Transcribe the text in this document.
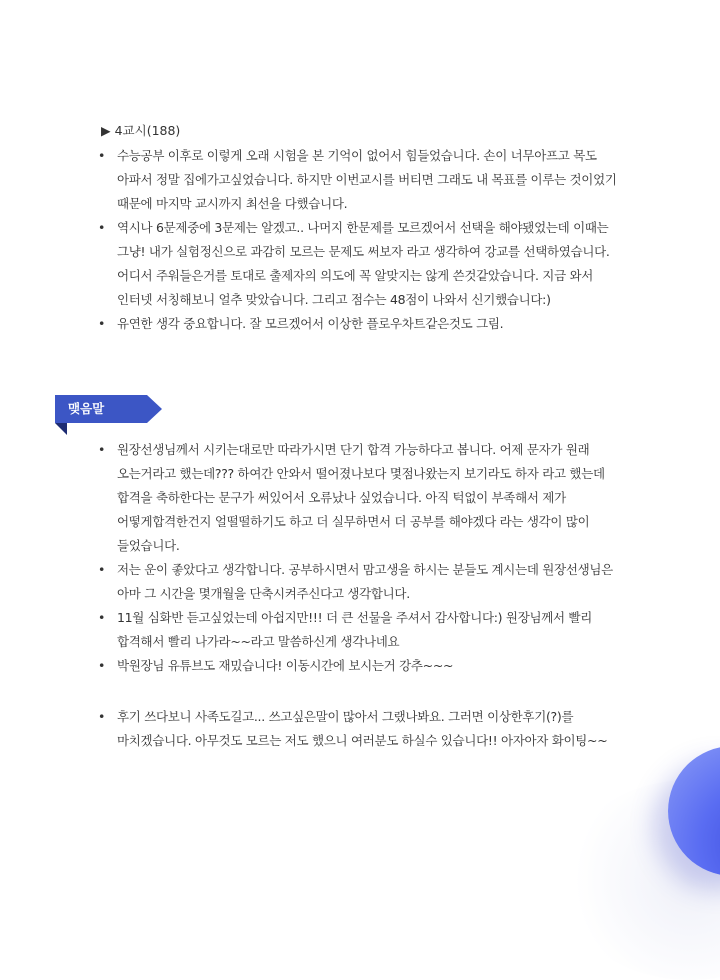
▶ 4교시(188)
• 수능공부 이후로 이렇게 오래 시험을 본 기억이 없어서 힘들었습니다. 손이 너무아프고 목도
아파서 정말 집에가고싶었습니다. 하지만 이번교시를 버티면 그래도 내 목표를 이루는 것이었기
때문에 마지막 교시까지 최선을 다했습니다.
• 역시나 6문제중에 3문제는 알겠고.. 나머지 한문제를 모르겠어서 선택을 해야됐었는데 이때는
그냥! 내가 실험정신으로 과감히 모르는 문제도 써보자 라고 생각하여 강교를 선택하였습니다.
어디서 주워들은거를 토대로 출제자의 의도에 꼭 알맞지는 않게 쓴것같았습니다. 지금 와서
인터넷 서칭해보니 얼추 맞았습니다. 그리고 점수는 48점이 나와서 신기했습니다:)
• 유연한 생각 중요합니다. 잘 모르겠어서 이상한 플로우차트같은것도 그림.
맺음말
• 원장선생님께서 시키는대로만 따라가시면 단기 합격 가능하다고 봅니다. 어제 문자가 원래
오는거라고 했는데??? 하여간 안와서 떨어졌나보다 몇점나왔는지 보기라도 하자 라고 했는데
합격을 축하한다는 문구가 써있어서 오류났나 싶었습니다. 아직 턱없이 부족해서 제가
어떻게합격한건지 얼떨떨하기도 하고 더 실무하면서 더 공부를 해야겠다 라는 생각이 많이
들었습니다.
• 저는 운이 좋았다고 생각합니다. 공부하시면서 맘고생을 하시는 분들도 계시는데 원장선생님은
아마 그 시간을 몇개월을 단축시켜주신다고 생각합니다.
• 11월 심화반 듣고싶었는데 아쉽지만!!! 더 큰 선물을 주셔서 감사합니다:) 원장님께서 빨리
합격해서 빨리 나가라~~라고 말씀하신게 생각나네요
• 박원장님 유튜브도 재밌습니다! 이동시간에 보시는거 강추~~~
• 후기 쓰다보니 사족도길고... 쓰고싶은말이 많아서 그랬나봐요. 그러면 이상한후기(?)를
마치겠습니다. 아무것도 모르는 저도 했으니 여러분도 하실수 있습니다!! 아자아자 화이팅~~
